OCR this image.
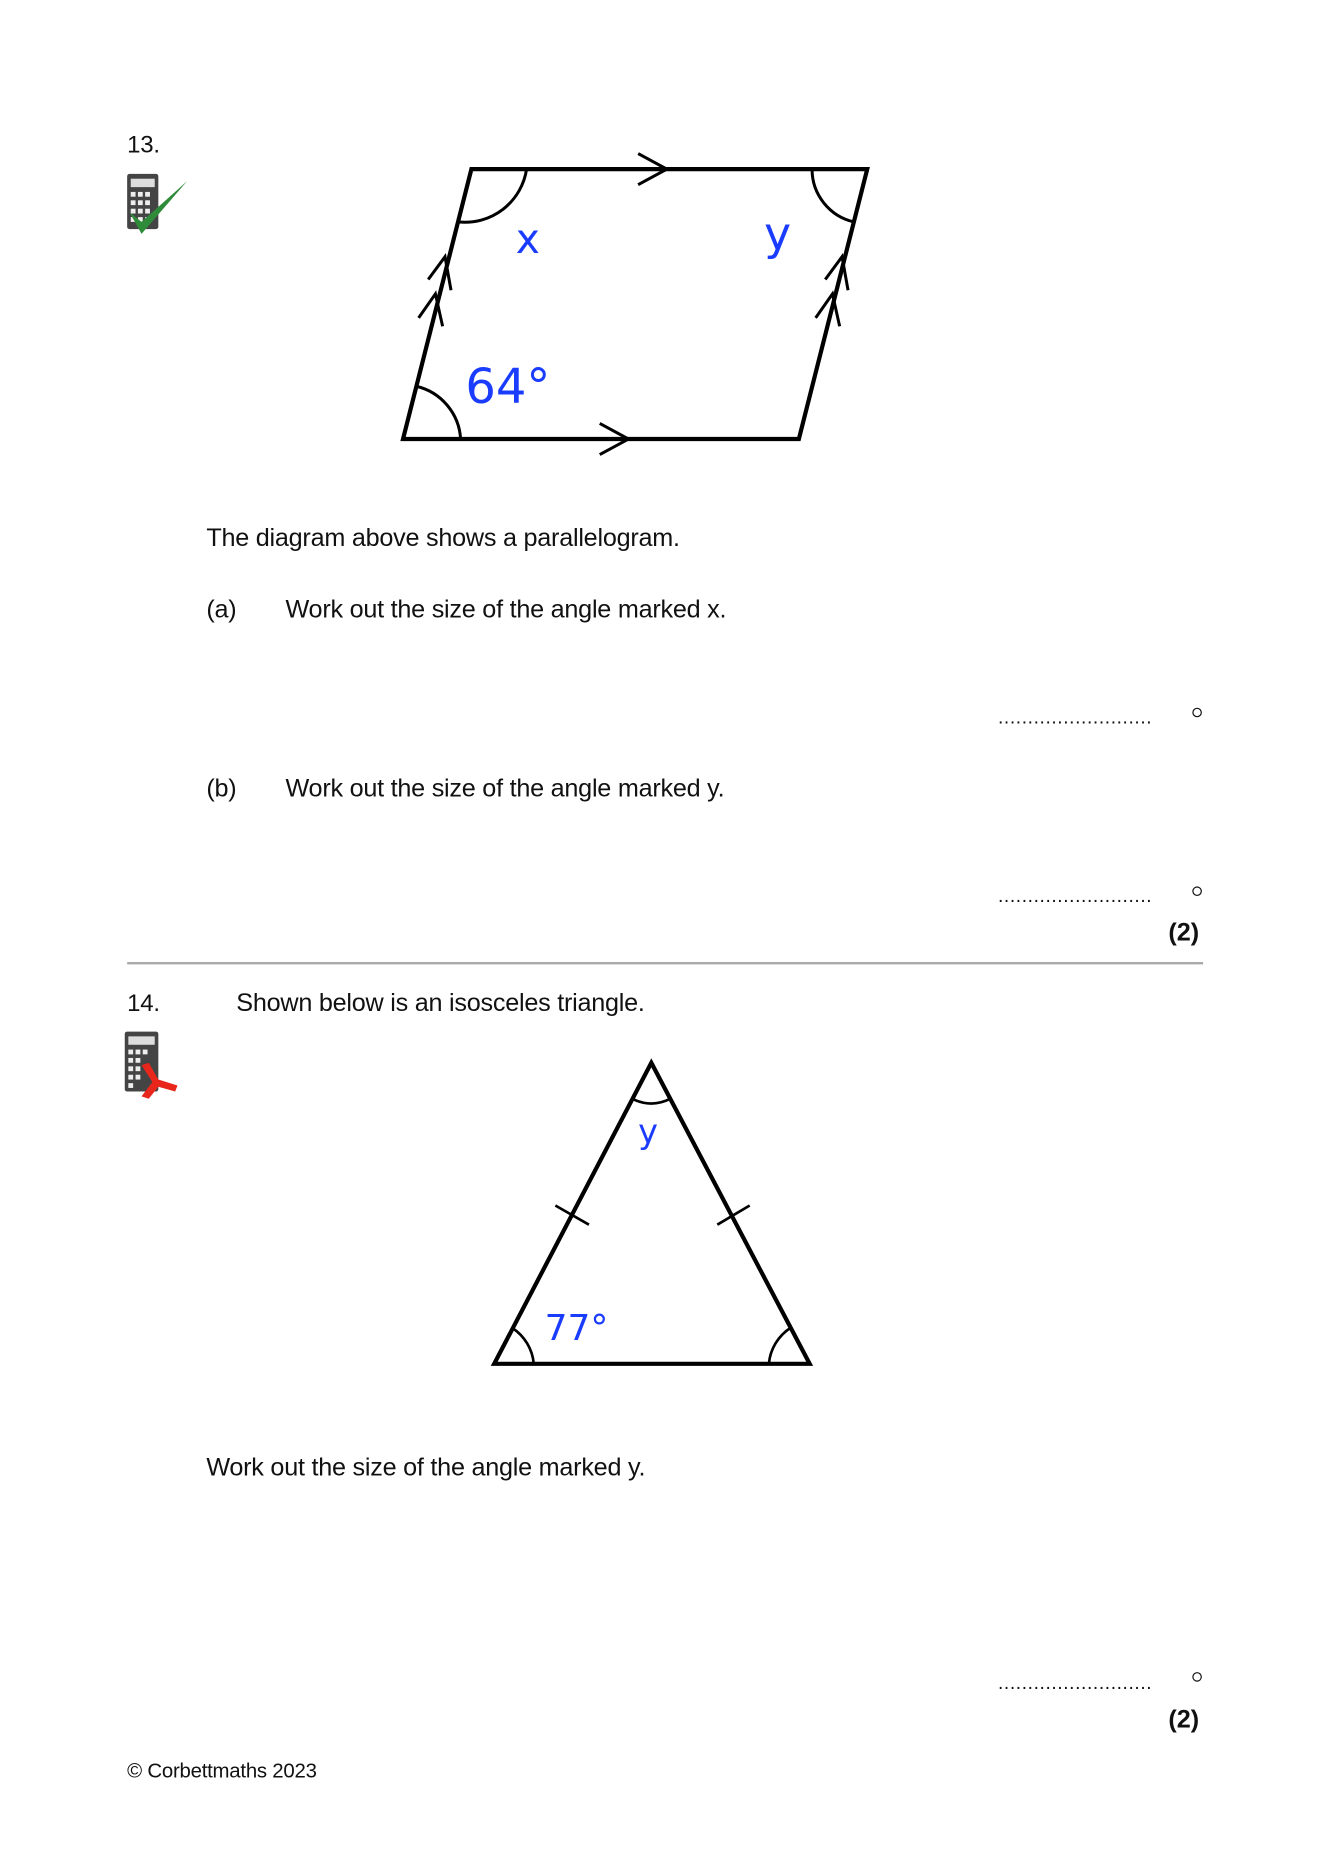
13.
x	y
64°
y
77°
The diagram above shows a parallelogram.
(a) Work out the size of the angle marked x.
..........................
(b) Work out the size of the angle marked y.
..........................
(2)
14.	Shown below is an isosceles triangle.
Work out the size of the angle marked y.
..........................
(2)
© Corbettmaths 2023
